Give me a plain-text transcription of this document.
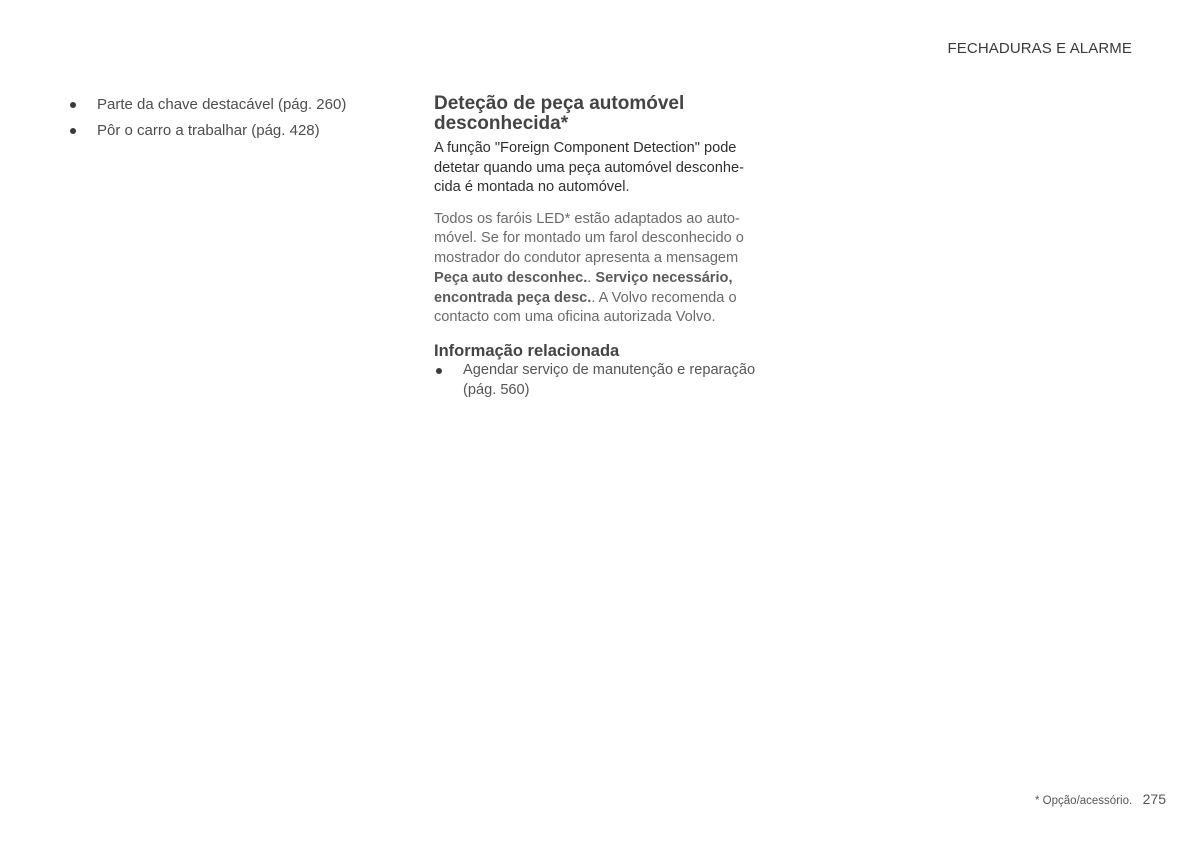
FECHADURAS E ALARME
Parte da chave destacável (pág. 260)
Pôr o carro a trabalhar (pág. 428)
Deteção de peça automóvel
desconhecida*

A função "Foreign Component Detection" pode detetar quando uma peça automóvel desconhe-cida é montada no automóvel.

Todos os faróis LED* estão adaptados ao auto-móvel. Se for montado um farol desconhecido o mostrador do condutor apresenta a mensagem Peça auto desconhec.. Serviço necessário, encontrada peça desc.. A Volvo recomenda o contacto com uma oficina autorizada Volvo.

Informação relacionada
Agendar serviço de manutenção e reparação (pág. 560)
* Opção/acessório. 275
